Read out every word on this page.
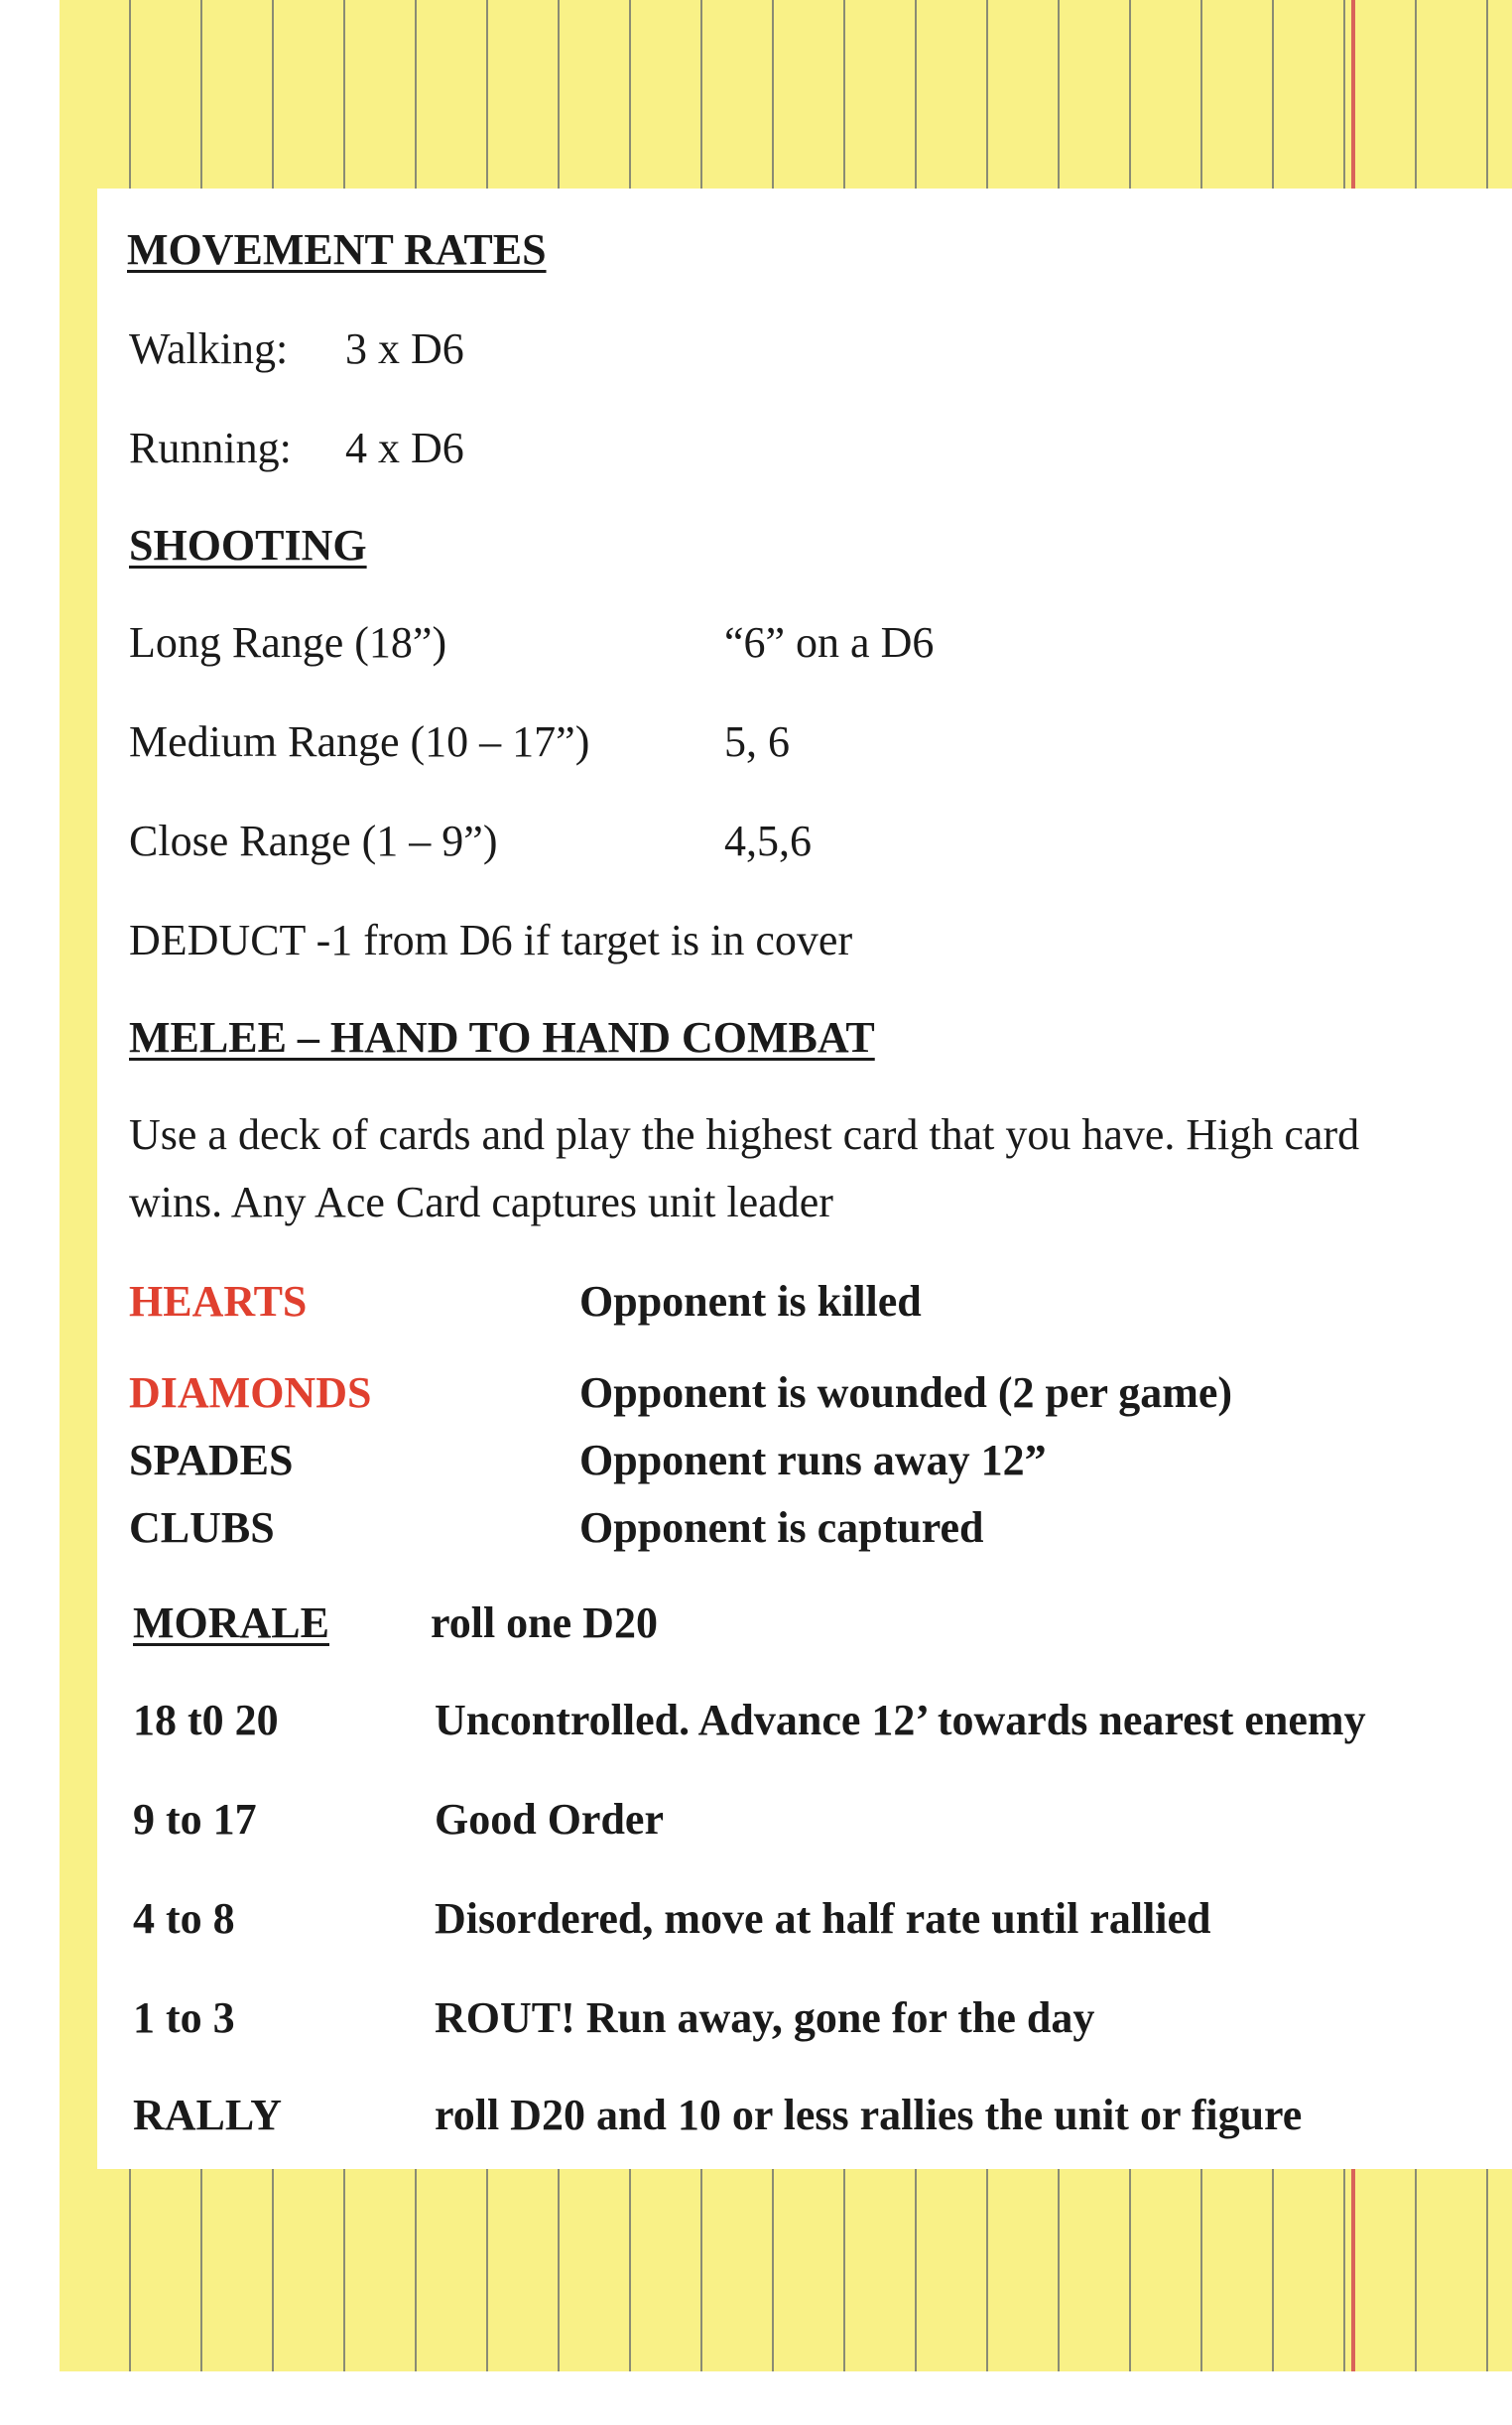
MOVEMENT RATES
Walking: 3 x D6
Running: 4 x D6
SHOOTING
Long Range (18”)	“6” on a D6
Medium Range (10 – 17”)	5, 6
Close Range (1 – 9”)	4,5,6
DEDUCT -1 from D6 if target is in cover
MELEE – HAND TO HAND COMBAT
Use a deck of cards and play the highest card that you have. High card
wins. Any Ace Card captures unit leader
HEARTS	Opponent is killed
DIAMONDS	Opponent is wounded (2 per game)
SPADES	Opponent runs away 12”
CLUBS	Opponent is captured
MORALE roll one D20
18 t0 20	Uncontrolled. Advance 12’ towards nearest enemy
9 to 17	Good Order
4 to 8	Disordered, move at half rate until rallied
1 to 3	ROUT! Run away, gone for the day
RALLY	roll D20 and 10 or less rallies the unit or figure
